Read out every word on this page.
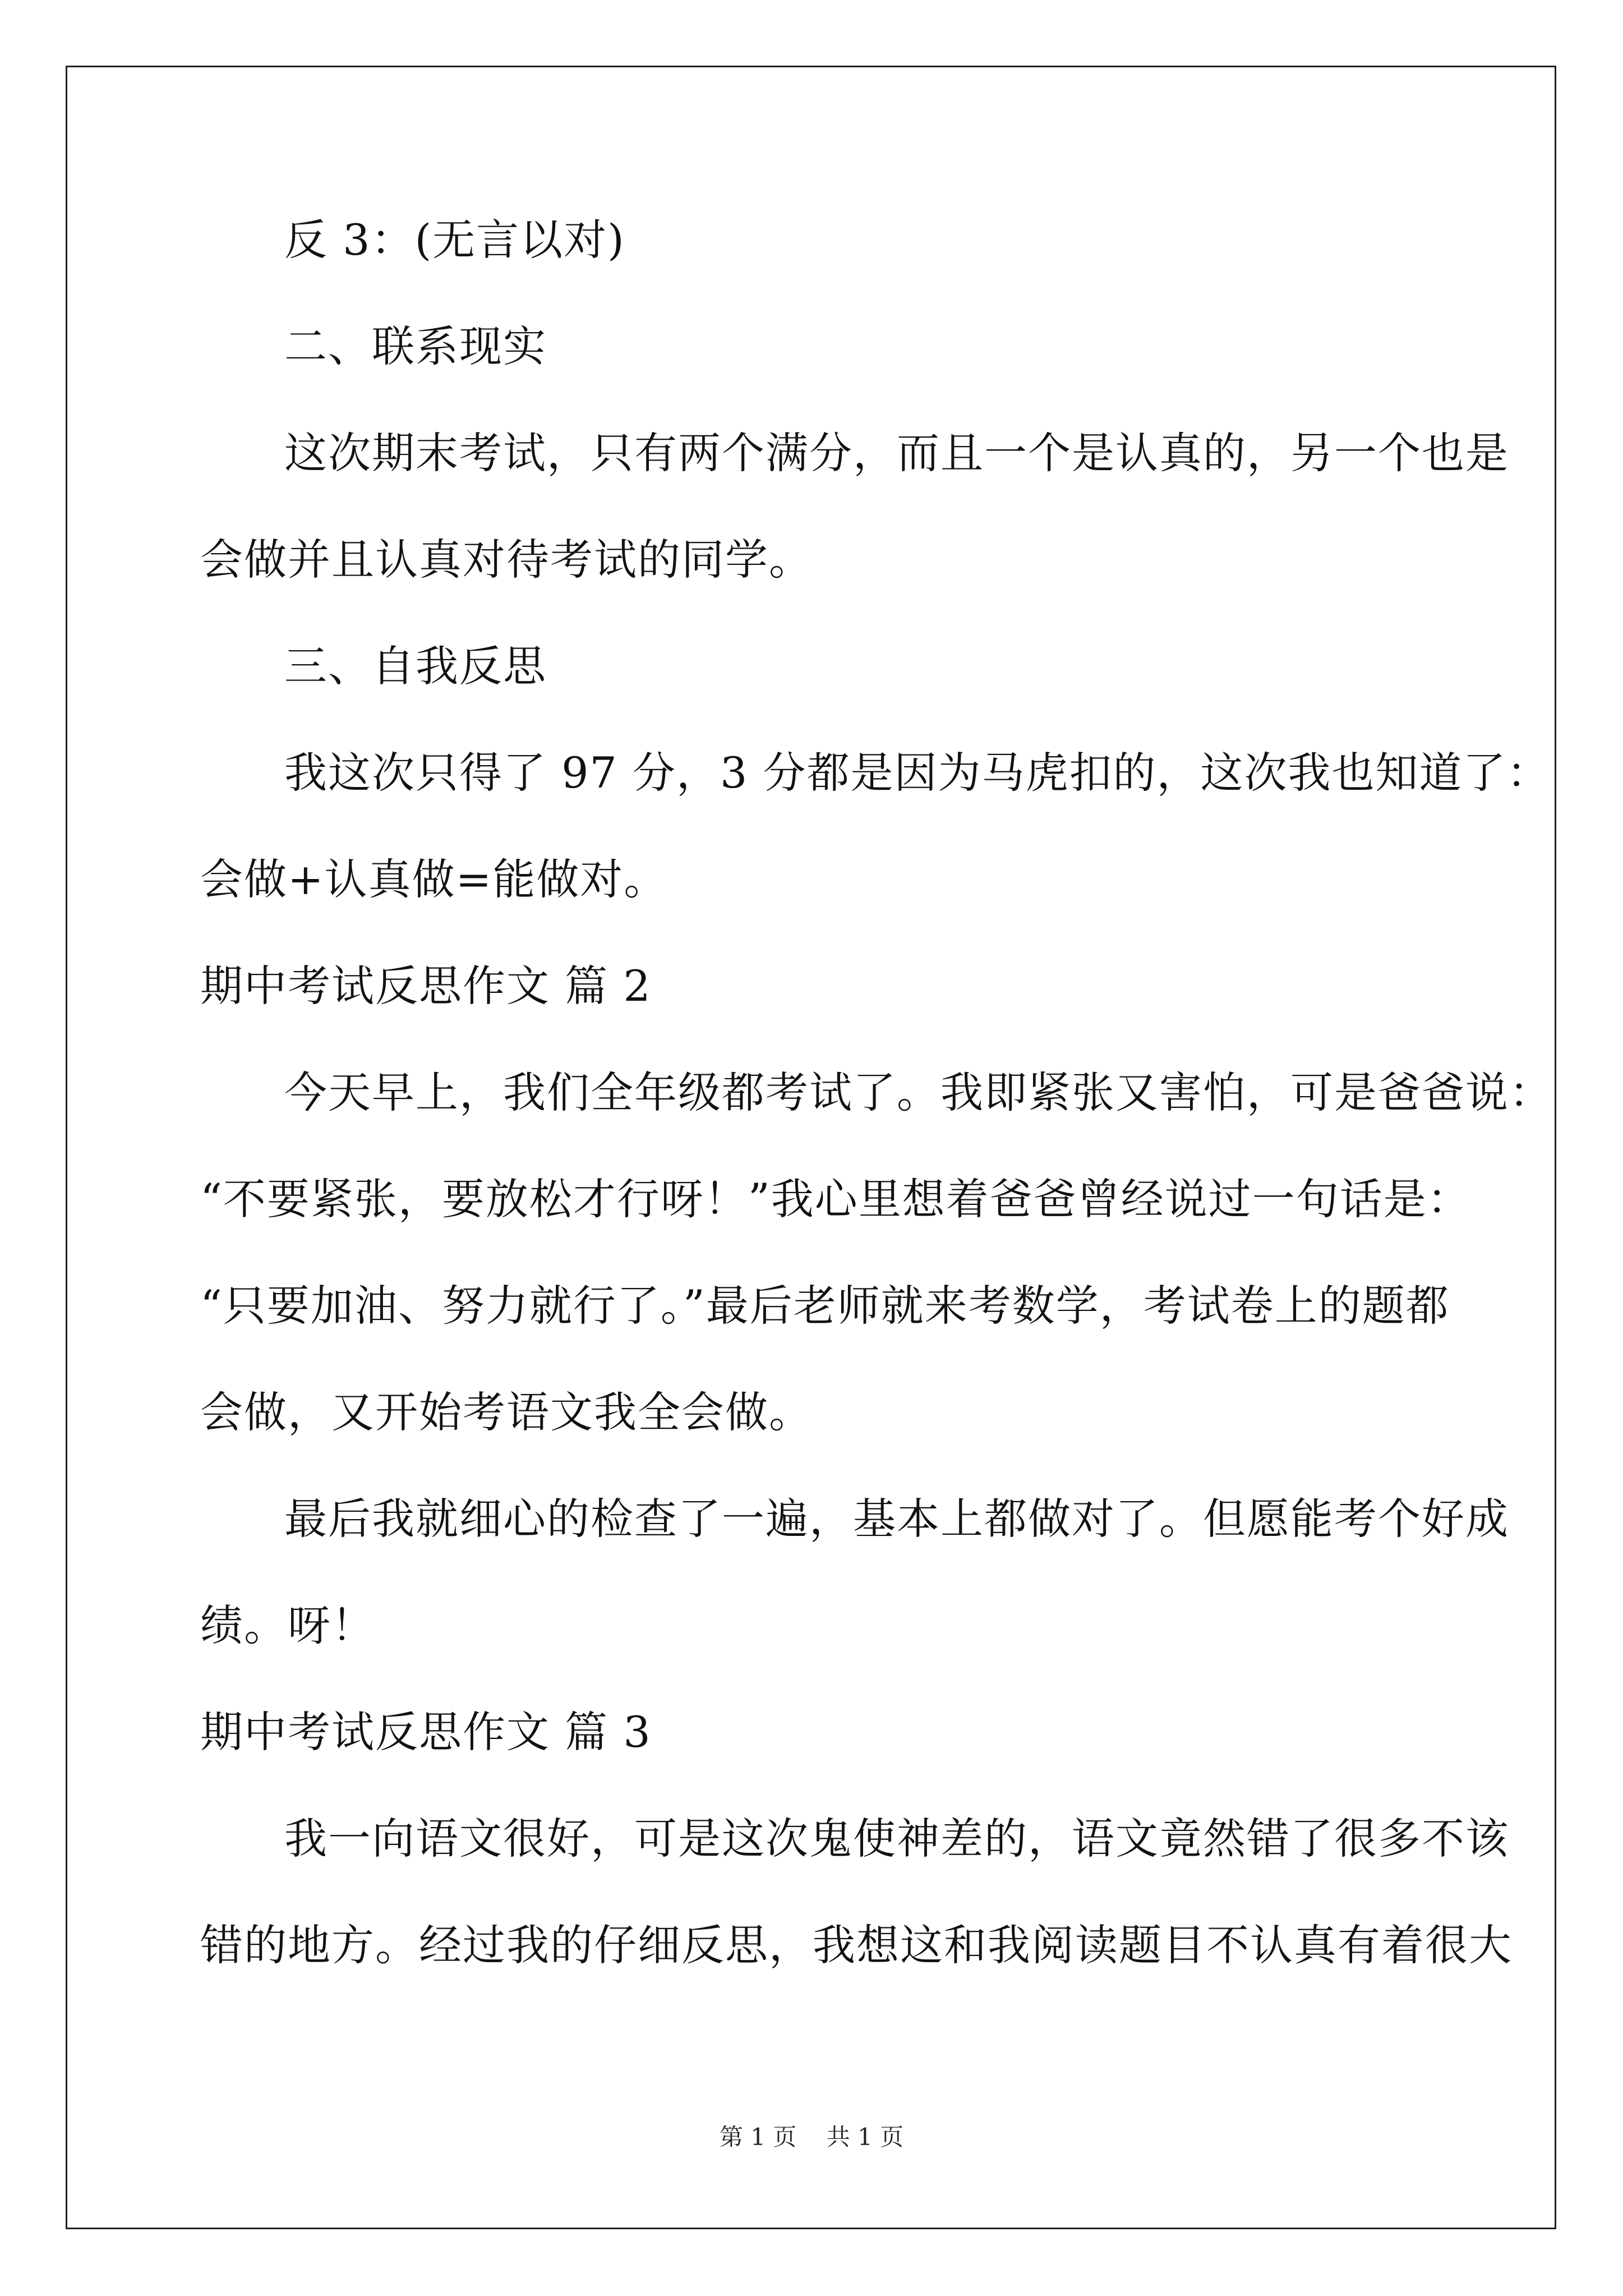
反 3：(无言以对)
二、联系现实
这次期末考试，只有两个满分，而且一个是认真的，另一个也是
会做并且认真对待考试的同学。
三、自我反思
我这次只得了 97 分，3 分都是因为马虎扣的，这次我也知道了：
会做+认真做=能做对。
期中考试反思作文 篇 2
今天早上，我们全年级都考试了。我即紧张又害怕，可是爸爸说：
“不要紧张，要放松才行呀！”我心里想着爸爸曾经说过一句话是：
“只要加油、努力就行了。”最后老师就来考数学，考试卷上的题都
会做，又开始考语文我全会做。
最后我就细心的检查了一遍，基本上都做对了。但愿能考个好成
绩。呀！
期中考试反思作文 篇 3
我一向语文很好，可是这次鬼使神差的，语文竟然错了很多不该
错的地方。经过我的仔细反思，我想这和我阅读题目不认真有着很大
第 1 页    共 1 页
